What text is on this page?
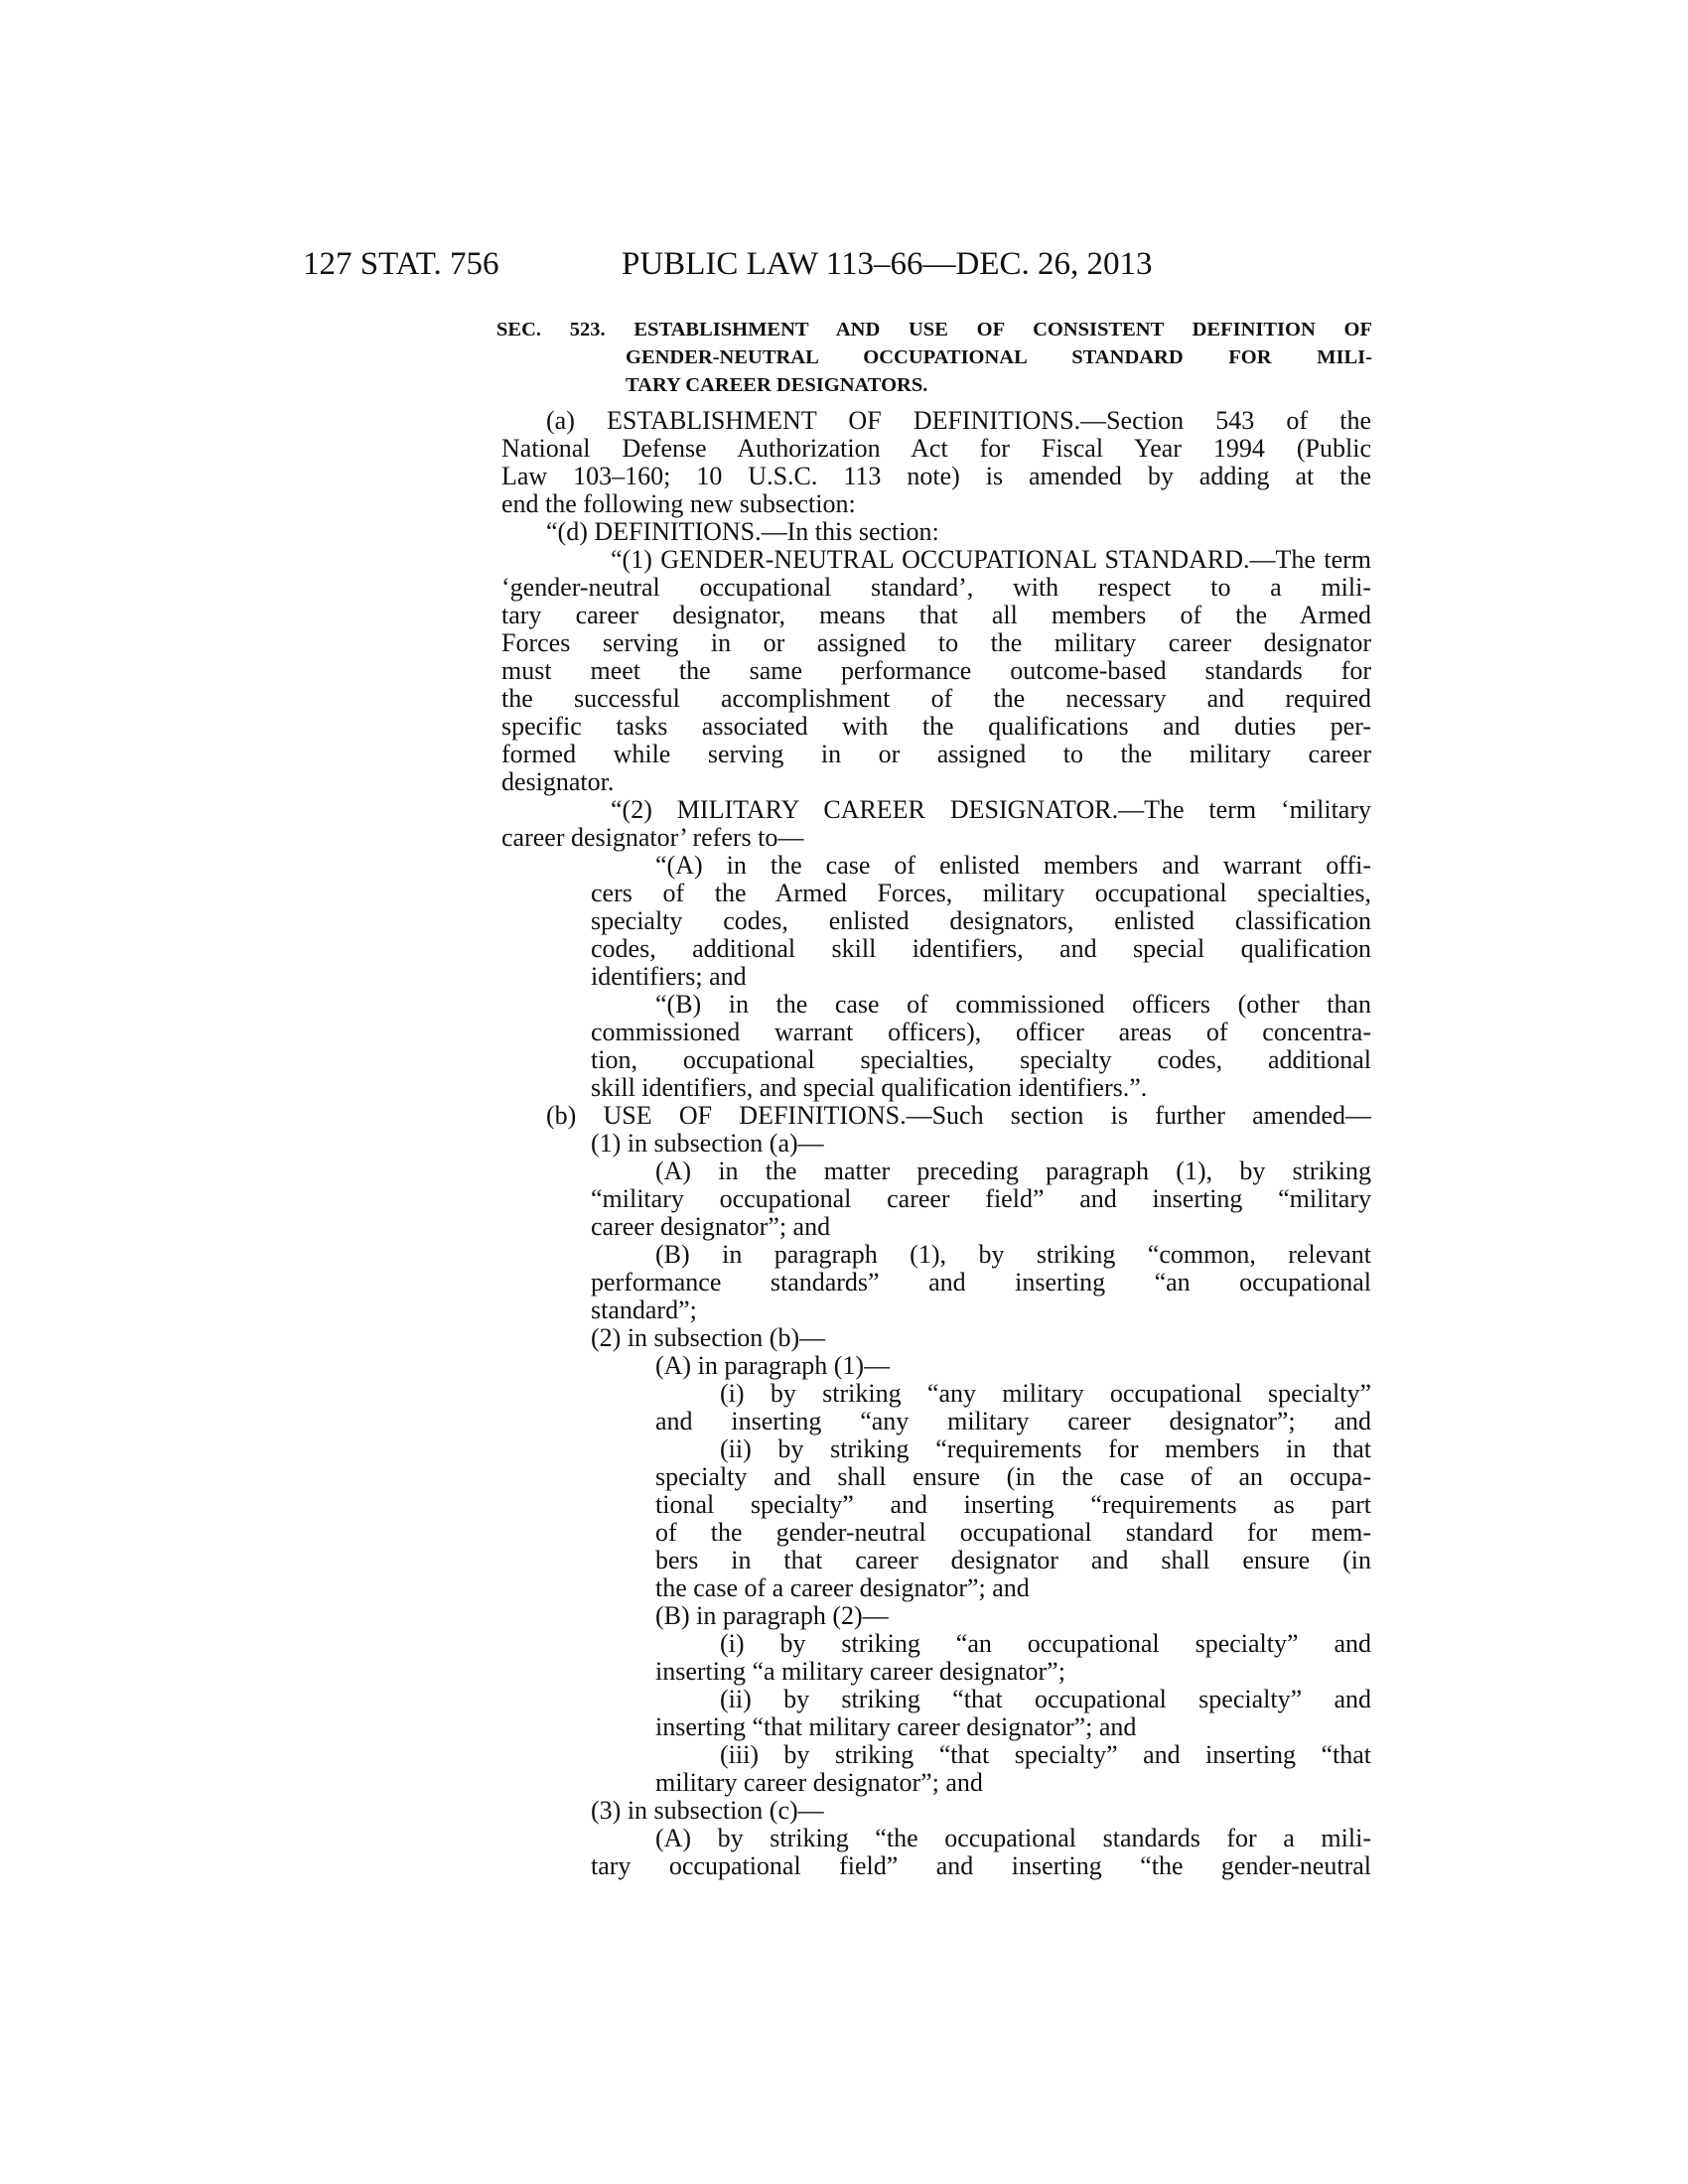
127 STAT. 756	PUBLIC LAW 113–66—DEC. 26, 2013
SEC. 523. ESTABLISHMENT AND USE OF CONSISTENT DEFINITION OF
GENDER-NEUTRAL OCCUPATIONAL STANDARD FOR MILI-
TARY CAREER DESIGNATORS.
(a) ESTABLISHMENT OF DEFINITIONS.—Section 543 of the
National Defense Authorization Act for Fiscal Year 1994 (Public
Law 103–160; 10 U.S.C. 113 note) is amended by adding at the
end the following new subsection:
“(d) DEFINITIONS.—In this section:
“(1) GENDER-NEUTRAL OCCUPATIONAL STANDARD.—The term
‘gender-neutral occupational standard’, with respect to a mili-
tary career designator, means that all members of the Armed
Forces serving in or assigned to the military career designator
must meet the same performance outcome-based standards for
the successful accomplishment of the necessary and required
specific tasks associated with the qualifications and duties per-
formed while serving in or assigned to the military career
designator.
“(2) MILITARY CAREER DESIGNATOR.—The term ‘military
career designator’ refers to—
“(A) in the case of enlisted members and warrant offi-
cers of the Armed Forces, military occupational specialties,
specialty codes, enlisted designators, enlisted classification
codes, additional skill identifiers, and special qualification
identifiers; and
“(B) in the case of commissioned officers (other than
commissioned warrant officers), officer areas of concentra-
tion, occupational specialties, specialty codes, additional
skill identifiers, and special qualification identifiers.”.
(b) USE OF DEFINITIONS.—Such section is further amended—
(1) in subsection (a)—
(A) in the matter preceding paragraph (1), by striking
“military occupational career field” and inserting “military
career designator”; and
(B) in paragraph (1), by striking “common, relevant
performance standards” and inserting “an occupational
standard”;
(2) in subsection (b)—
(A) in paragraph (1)—
(i) by striking “any military occupational specialty”
and inserting “any military career designator”; and
(ii) by striking “requirements for members in that
specialty and shall ensure (in the case of an occupa-
tional specialty” and inserting “requirements as part
of the gender-neutral occupational standard for mem-
bers in that career designator and shall ensure (in
the case of a career designator”; and
(B) in paragraph (2)—
(i) by striking “an occupational specialty” and
inserting “a military career designator”;
(ii) by striking “that occupational specialty” and
inserting “that military career designator”; and
(iii) by striking “that specialty” and inserting “that
military career designator”; and
(3) in subsection (c)—
(A) by striking “the occupational standards for a mili-
tary occupational field” and inserting “the gender-neutral
